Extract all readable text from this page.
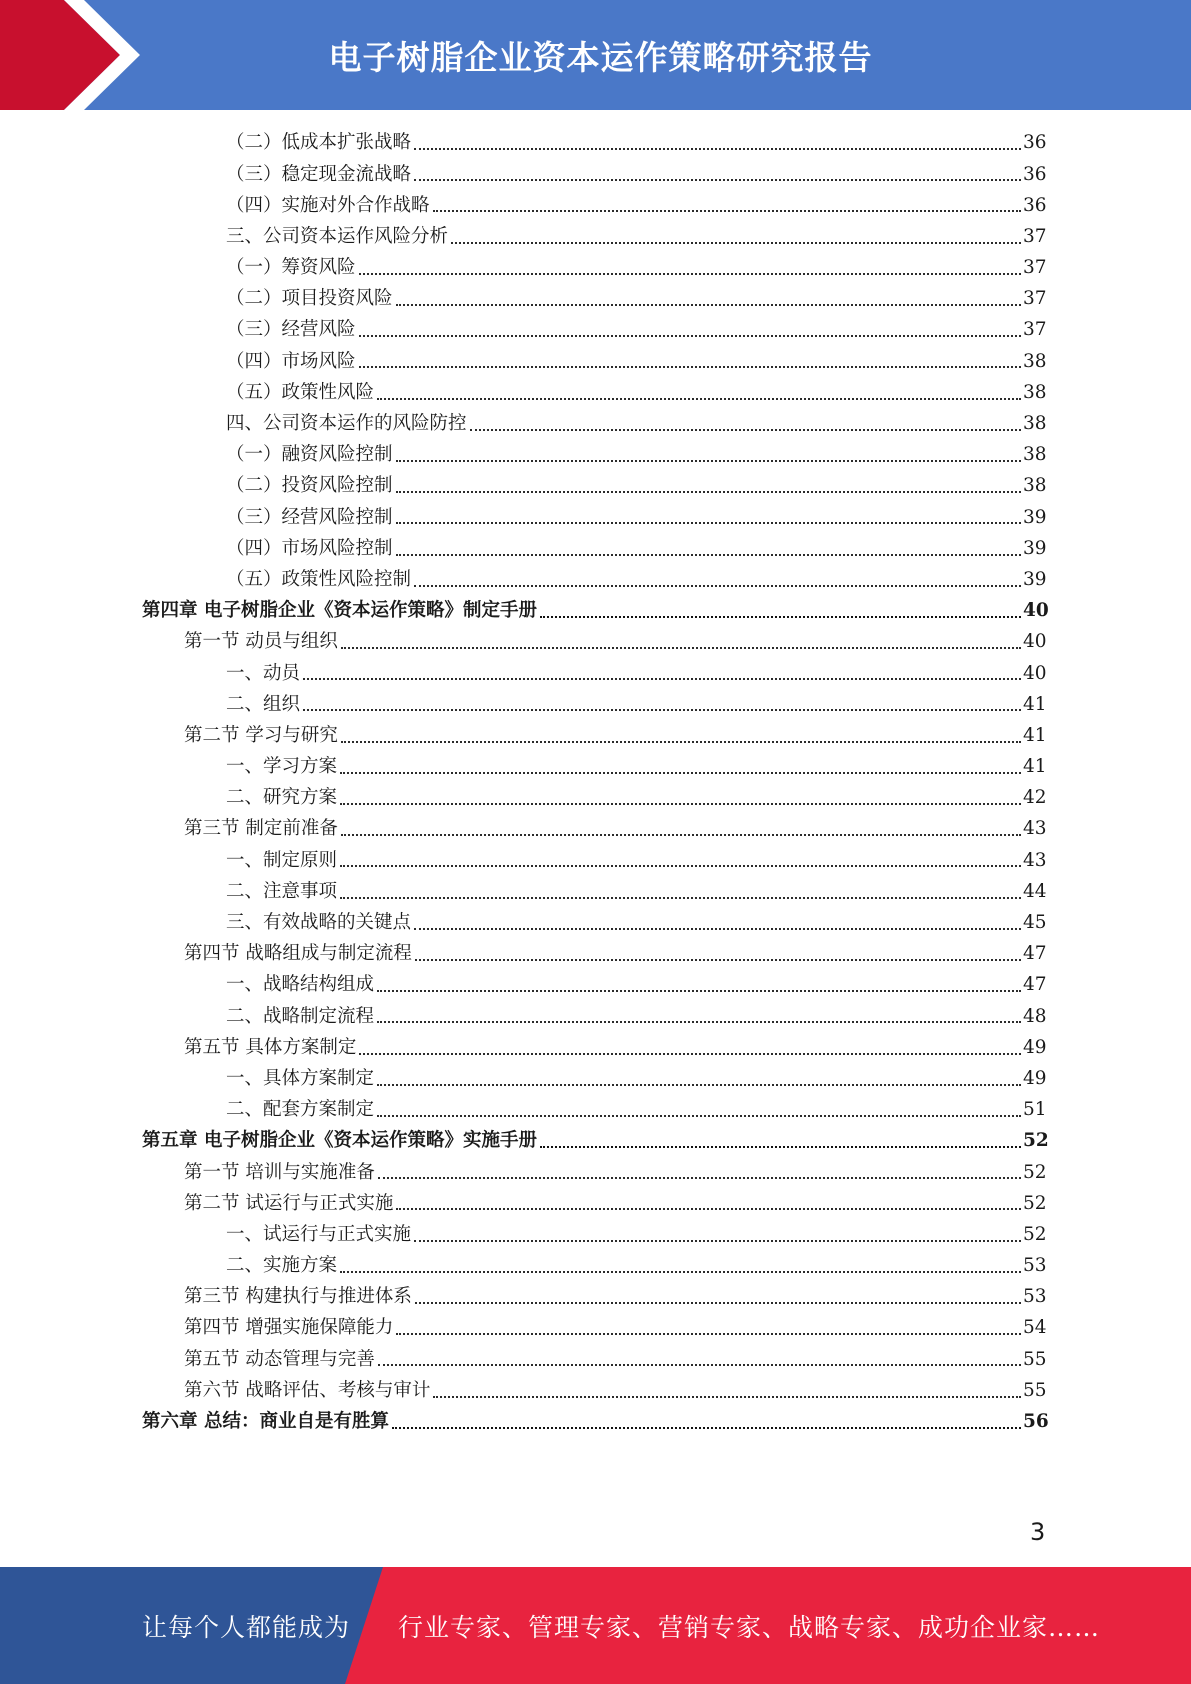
电子树脂企业资本运作策略研究报告
（二）低成本扩张战略	36
（三）稳定现金流战略	36
（四）实施对外合作战略	36
三、公司资本运作风险分析	37
（一）筹资风险	37
（二）项目投资风险	37
（三）经营风险	37
（四）市场风险	38
（五）政策性风险	38
四、公司资本运作的风险防控	38
（一）融资风险控制	38
（二）投资风险控制	38
（三）经营风险控制	39
（四）市场风险控制	39
（五）政策性风险控制	39
第四章 电子树脂企业《资本运作策略》制定手册	40
第一节 动员与组织	40
一、动员	40
二、组织	41
第二节 学习与研究	41
一、学习方案	41
二、研究方案	42
第三节 制定前准备	43
一、制定原则	43
二、注意事项	44
三、有效战略的关键点	45
第四节 战略组成与制定流程	47
一、战略结构组成	47
二、战略制定流程	48
第五节 具体方案制定	49
一、具体方案制定	49
二、配套方案制定	51
第五章 电子树脂企业《资本运作策略》实施手册	52
第一节 培训与实施准备	52
第二节 试运行与正式实施	52
一、试运行与正式实施	52
二、实施方案	53
第三节 构建执行与推进体系	53
第四节 增强实施保障能力	54
第五节 动态管理与完善	55
第六节 战略评估、考核与审计	55
第六章 总结：商业自是有胜算	56
3
让每个人都能成为 行业专家、管理专家、营销专家、战略专家、成功企业家……
